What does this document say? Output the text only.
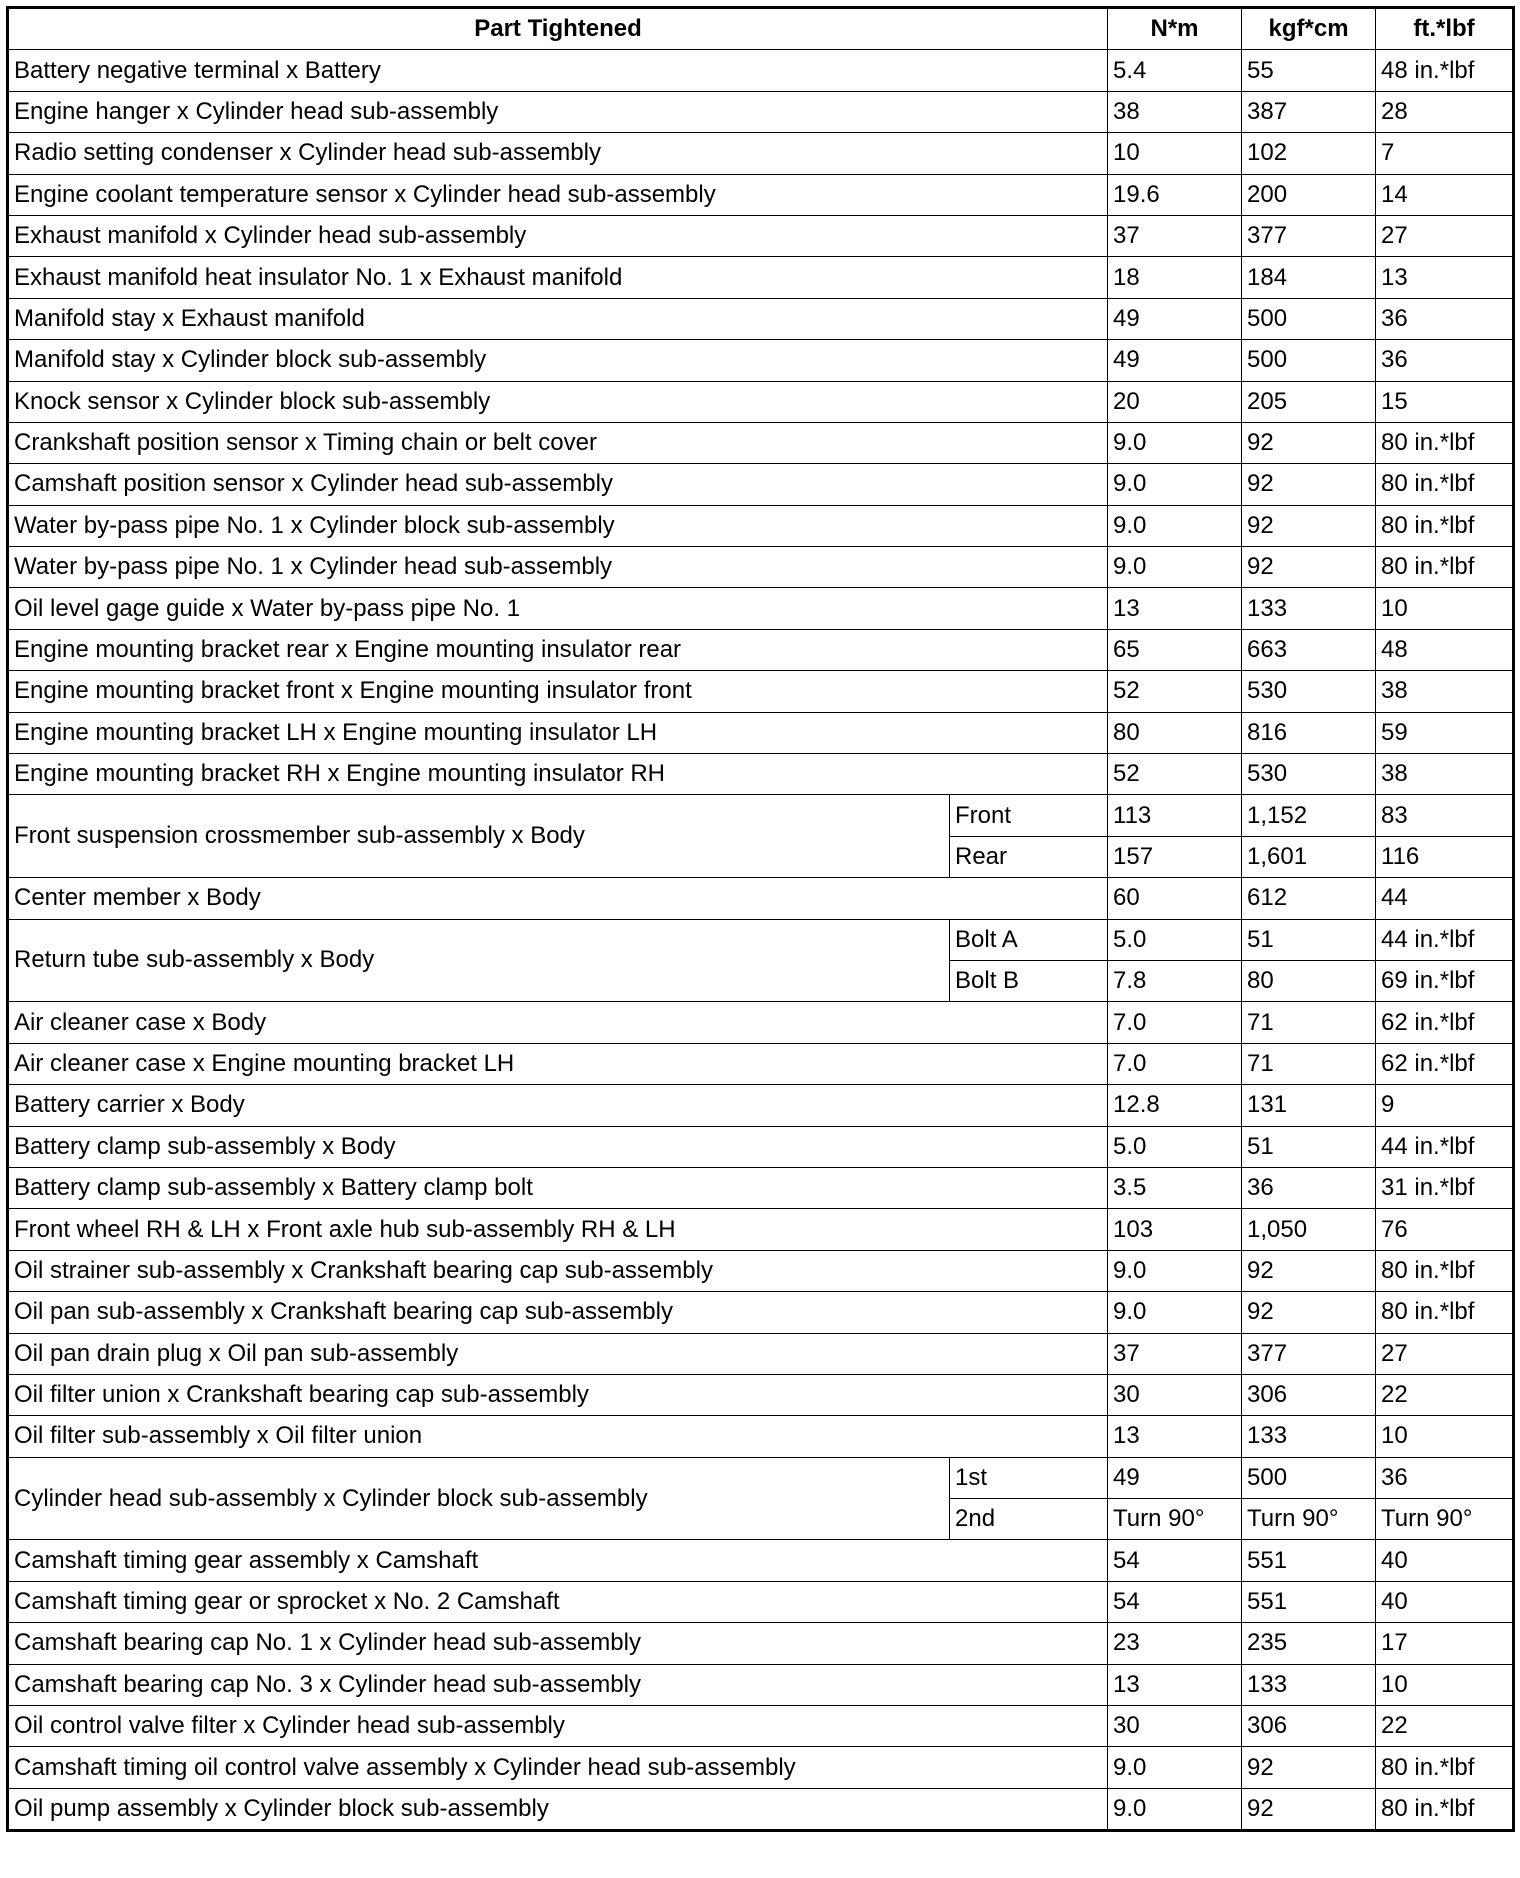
Part Tightened		N*m	kgf*cm	ft.*lbf
Battery negative terminal x Battery		5.4	55	48 in.*lbf
Engine hanger x Cylinder head sub-assembly		38	387	28
Radio setting condenser x Cylinder head sub-assembly		10	102	7
Engine coolant temperature sensor x Cylinder head sub-assembly		19.6	200	14
Exhaust manifold x Cylinder head sub-assembly		37	377	27
Exhaust manifold heat insulator No. 1 x Exhaust manifold		18	184	13
Manifold stay x Exhaust manifold		49	500	36
Manifold stay x Cylinder block sub-assembly		49	500	36
Knock sensor x Cylinder block sub-assembly		20	205	15
Crankshaft position sensor x Timing chain or belt cover		9.0	92	80 in.*lbf
Camshaft position sensor x Cylinder head sub-assembly		9.0	92	80 in.*lbf
Water by-pass pipe No. 1 x Cylinder block sub-assembly		9.0	92	80 in.*lbf
Water by-pass pipe No. 1 x Cylinder head sub-assembly		9.0	92	80 in.*lbf
Oil level gage guide x Water by-pass pipe No. 1		13	133	10
Engine mounting bracket rear x Engine mounting insulator rear		65	663	48
Engine mounting bracket front x Engine mounting insulator front		52	530	38
Engine mounting bracket LH x Engine mounting insulator LH		80	816	59
Engine mounting bracket RH x Engine mounting insulator RH		52	530	38
Front suspension crossmember sub-assembly x Body	Front	113	1,152	83
	Rear	157	1,601	116
Center member x Body		60	612	44
Return tube sub-assembly x Body	Bolt A	5.0	51	44 in.*lbf
	Bolt B	7.8	80	69 in.*lbf
Air cleaner case x Body		7.0	71	62 in.*lbf
Air cleaner case x Engine mounting bracket LH		7.0	71	62 in.*lbf
Battery carrier x Body		12.8	131	9
Battery clamp sub-assembly x Body		5.0	51	44 in.*lbf
Battery clamp sub-assembly x Battery clamp bolt		3.5	36	31 in.*lbf
Front wheel RH & LH x Front axle hub sub-assembly RH & LH		103	1,050	76
Oil strainer sub-assembly x Crankshaft bearing cap sub-assembly		9.0	92	80 in.*lbf
Oil pan sub-assembly x Crankshaft bearing cap sub-assembly		9.0	92	80 in.*lbf
Oil pan drain plug x Oil pan sub-assembly		37	377	27
Oil filter union x Crankshaft bearing cap sub-assembly		30	306	22
Oil filter sub-assembly x Oil filter union		13	133	10
Cylinder head sub-assembly x Cylinder block sub-assembly	1st	49	500	36
	2nd	Turn 90°	Turn 90°	Turn 90°
Camshaft timing gear assembly x Camshaft		54	551	40
Camshaft timing gear or sprocket x No. 2 Camshaft		54	551	40
Camshaft bearing cap No. 1 x Cylinder head sub-assembly		23	235	17
Camshaft bearing cap No. 3 x Cylinder head sub-assembly		13	133	10
Oil control valve filter x Cylinder head sub-assembly		30	306	22
Camshaft timing oil control valve assembly x Cylinder head sub-assembly		9.0	92	80 in.*lbf
Oil pump assembly x Cylinder block sub-assembly		9.0	92	80 in.*lbf
